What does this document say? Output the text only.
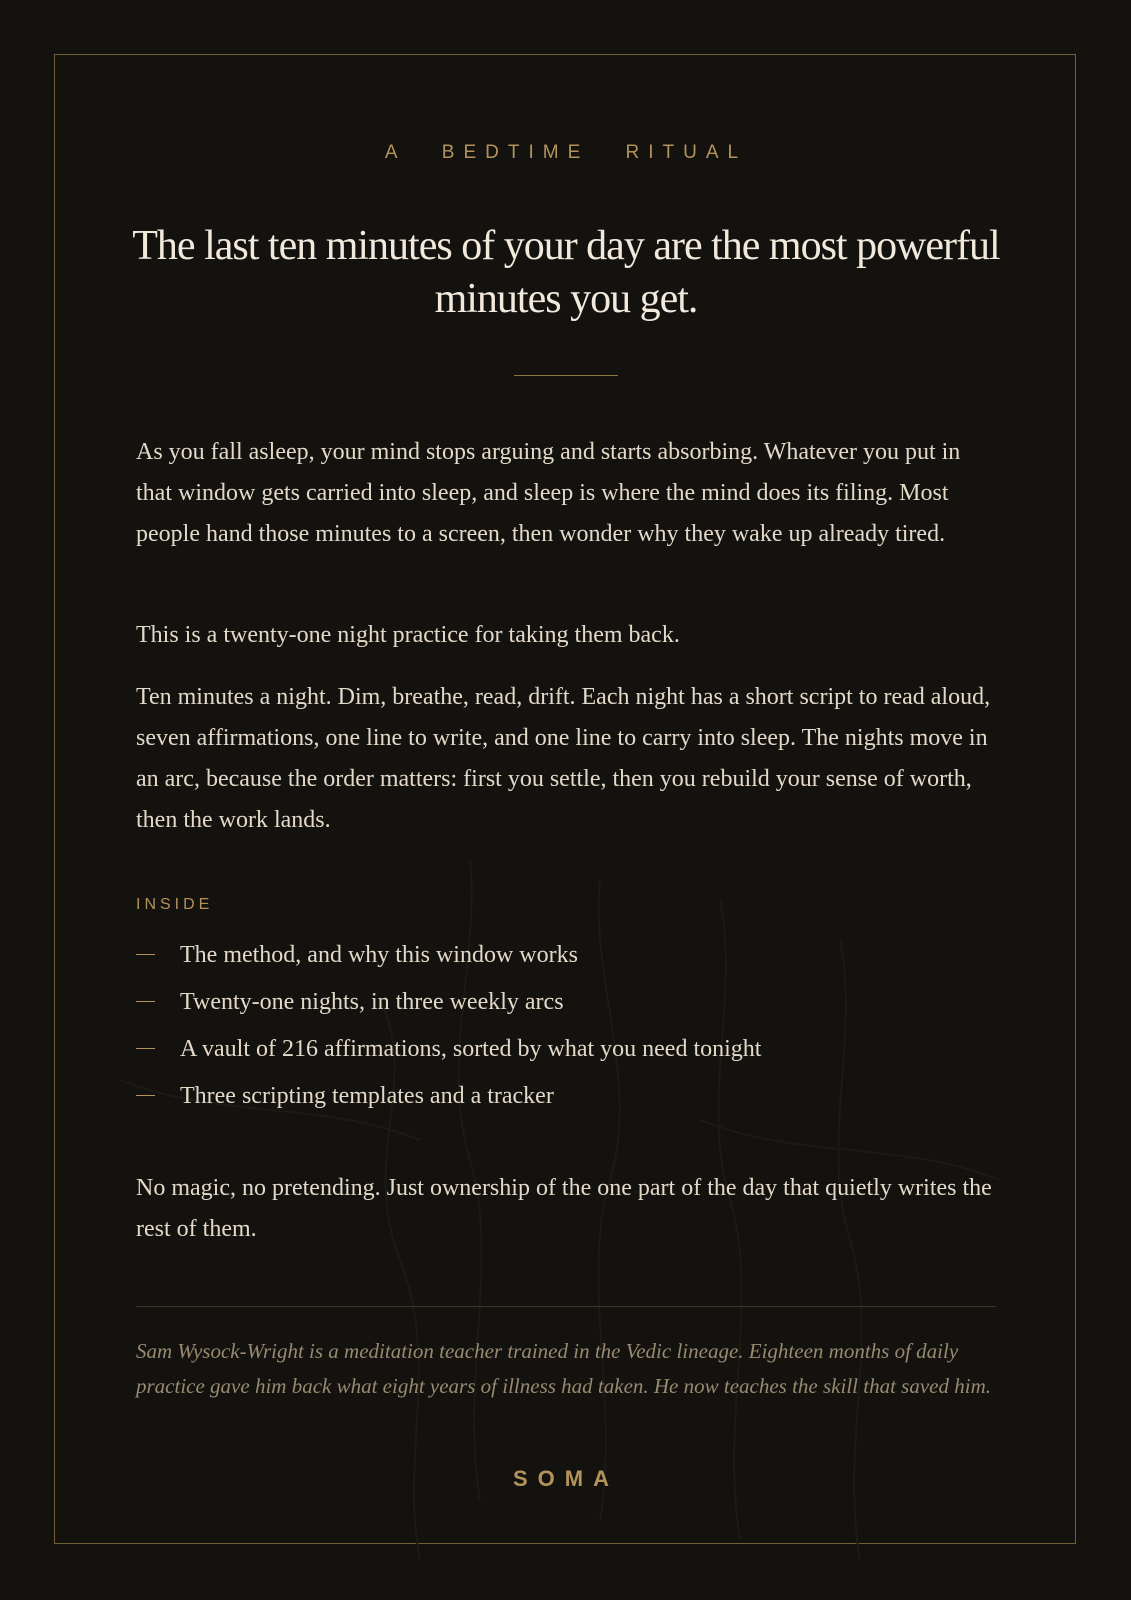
A BEDTIME RITUAL

The last ten minutes of your day are the most powerful minutes you get.

As you fall asleep, your mind stops arguing and starts absorbing. Whatever you put in that window gets carried into sleep, and sleep is where the mind does its filing. Most people hand those minutes to a screen, then wonder why they wake up already tired.

This is a twenty-one night practice for taking them back.

Ten minutes a night. Dim, breathe, read, drift. Each night has a short script to read aloud, seven affirmations, one line to write, and one line to carry into sleep. The nights move in an arc, because the order matters: first you settle, then you rebuild your sense of worth, then the work lands.

INSIDE

The method, and why this window works
Twenty-one nights, in three weekly arcs
A vault of 216 affirmations, sorted by what you need tonight
Three scripting templates and a tracker

No magic, no pretending. Just ownership of the one part of the day that quietly writes the rest of them.

Sam Wysock-Wright is a meditation teacher trained in the Vedic lineage. Eighteen months of daily practice gave him back what eight years of illness had taken. He now teaches the skill that saved him.

SOMA
